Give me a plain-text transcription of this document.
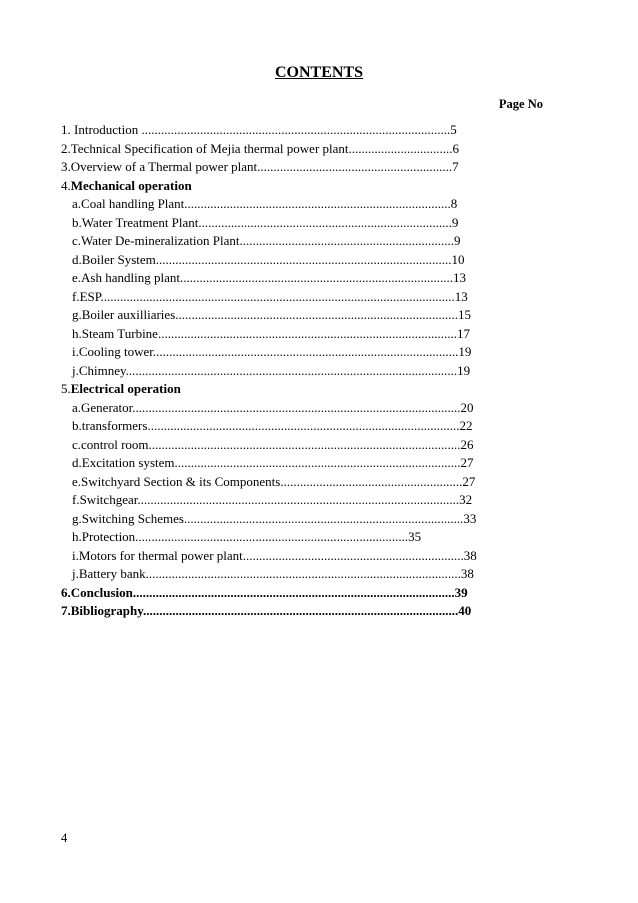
CONTENTS
Page No
1. Introduction ...............................................................................................5
2.Technical Specification of Mejia thermal power plant................................6
3.Overview of a Thermal power plant............................................................7
4.Mechanical operation
a.Coal handling Plant..................................................................................8
b.Water Treatment Plant..............................................................................9
c.Water De-mineralization Plant..................................................................9
d.Boiler System...........................................................................................10
e.Ash handling plant....................................................................................13
f.ESP.............................................................................................................13
g.Boiler auxilliaries.......................................................................................15
h.Steam Turbine............................................................................................17
i.Cooling tower..............................................................................................19
j.Chimney......................................................................................................19
5.Electrical operation
a.Generator.....................................................................................................20
b.transformers................................................................................................22
c.control room................................................................................................26
d.Excitation system........................................................................................27
e.Switchyard Section & its Components........................................................27
f.Switchgear...................................................................................................32
g.Switching Schemes......................................................................................33
h.Protection....................................................................................35
i.Motors for thermal power plant....................................................................38
j.Battery bank.................................................................................................38
6.Conclusion...................................................................................................39
7.Bibliography.................................................................................................40
4
